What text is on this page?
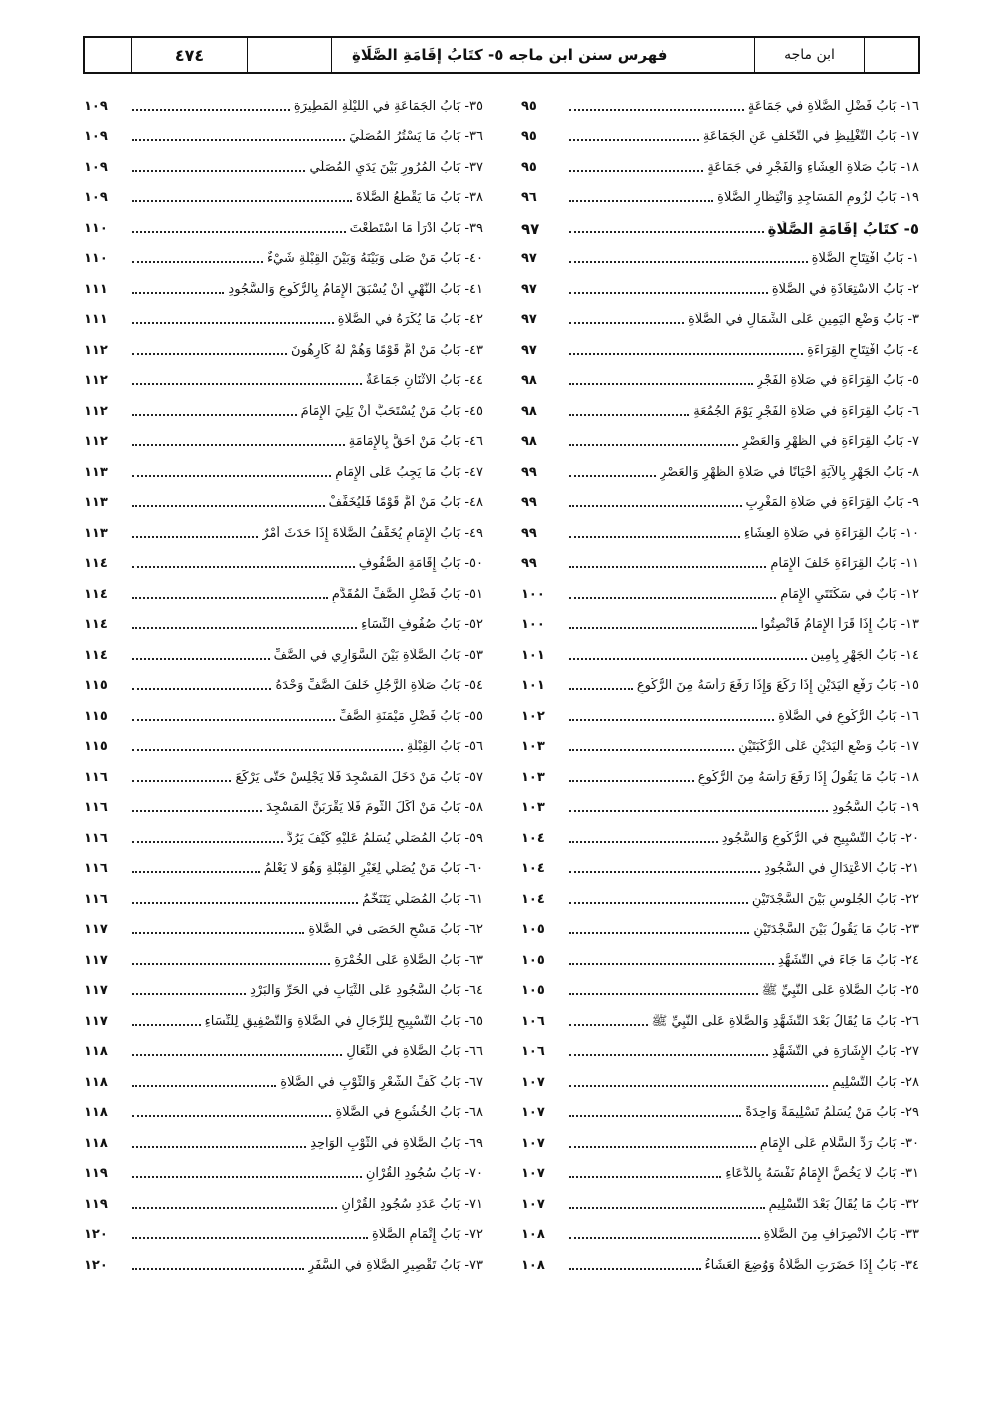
ابن ماجه
فهرس سنن ابن ماجه ٥- كتَابُ إقَامَةِ الصَّلَاةِ
٤٧٤
١٦- بَابُ فَضْلِ الصَّلَاةِ في جَمَاعَةٍ
٩٥
١٧- بَابُ التَّغْلِيظِ في التَّخَلُّفِ عَنِ الجَمَاعَةِ
٩٥
١٨- بَابُ صَلَاةِ العِشَاءِ وَالفَجْرِ في جَمَاعَةٍ
٩٥
١٩- بَابُ لُزُومِ المَسَاجِدِ وَانْتِظَارِ الصَّلَاةِ
٩٦
٥- كتَابُ إقَامَةِ الصَّلَاةِ
٩٧
١- بَابُ افْتِتَاحِ الصَّلَاةِ
٩٧
٢- بَابُ الاسْتِعَاذَةِ في الصَّلَاةِ
٩٧
٣- بَابُ وَضْعِ اليَمِينِ عَلَى الشِّمَالِ في الصَّلَاةِ
٩٧
٤- بَابُ افْتِتَاحِ القِرَاءَةِ
٩٧
٥- بَابُ القِرَاءَةِ في صَلَاةِ الفَجْرِ
٩٨
٦- بَابُ القِرَاءَةِ في صَلَاةِ الفَجْرِ يَوْمَ الجُمُعَةِ
٩٨
٧- بَابُ القِرَاءَةِ في الظُّهْرِ وَالعَصْرِ
٩٨
٨- بَابُ الجَهْرِ بِالآيَةِ أَحْيَانًا في صَلَاةِ الظُّهْرِ وَالعَصْرِ
٩٩
٩- بَابُ القِرَاءَةِ في صَلَاةِ المَغْرِبِ
٩٩
١٠- بَابُ القِرَاءَةِ في صَلَاةِ العِشَاءِ
٩٩
١١- بَابُ القِرَاءَةِ خَلْفَ الإِمَامِ
٩٩
١٢- بَابٌ في سَكْتَتَيِ الإِمَامِ
١٠٠
١٣- بَابُ إِذَا قَرَأَ الإِمَامُ فَأَنْصِتُوا
١٠٠
١٤- بَابُ الجَهْرِ بِآمِين
١٠١
١٥- بَابُ رَفْعِ اليَدَيْنِ إِذَا رَكَعَ وَإِذَا رَفَعَ رَأْسَهُ مِنَ الرُّكُوعِ
١٠١
١٦- بَابُ الرُّكُوعِ في الصَّلَاةِ
١٠٢
١٧- بَابُ وَضْعِ اليَدَيْنِ عَلَى الرُّكْبَتَيْنِ
١٠٣
١٨- بَابُ مَا يَقُولُ إِذَا رَفَعَ رَأْسَهُ مِنَ الرُّكُوعِ
١٠٣
١٩- بَابُ السُّجُودِ
١٠٣
٢٠- بَابُ التَّسْبِيحِ في الرُّكُوعِ وَالسُّجُودِ
١٠٤
٢١- بَابُ الاعْتِدَالِ في السُّجُودِ
١٠٤
٢٢- بَابُ الجُلُوسِ بَيْنَ السَّجْدَتَيْنِ
١٠٤
٢٣- بَابُ مَا يَقُولُ بَيْنَ السَّجْدَتَيْنِ
١٠٥
٢٤- بَابُ مَا جَاءَ في التَّشَهُّدِ
١٠٥
٢٥- بَابُ الصَّلَاةِ عَلَى النَّبِيِّ ﷺ
١٠٥
٢٦- بَابُ مَا يُقَالُ بَعْدَ التَّشَهُّدِ وَالصَّلَاةِ عَلَى النَّبِيِّ ﷺ
١٠٦
٢٧- بَابُ الإِشَارَةِ في التَّشَهُّدِ
١٠٦
٢٨- بَابُ التَّسْلِيمِ
١٠٧
٢٩- بَابُ مَنْ يُسَلِّمُ تَسْلِيمَةً وَاحِدَةً
١٠٧
٣٠- بَابُ رَدِّ السَّلَامِ عَلَى الإِمَامِ
١٠٧
٣١- بَابُ لَا يَخُصُّ الإِمَامُ نَفْسَهُ بِالدُّعَاءِ
١٠٧
٣٢- بَابُ مَا يُقَالُ بَعْدَ التَّسْلِيمِ
١٠٧
٣٣- بَابُ الانْصِرَافِ مِنَ الصَّلَاةِ
١٠٨
٣٤- بَابُ إِذَا حَضَرَتِ الصَّلَاةُ وَوُضِعَ العَشَاءُ
١٠٨
٣٥- بَابُ الجَمَاعَةِ في اللَّيْلَةِ المَطِيرَةِ
١٠٩
٣٦- بَابُ مَا يَسْتُرُ المُصَلِّيَ
١٠٩
٣٧- بَابُ المُرُورِ بَيْنَ يَدَيِ المُصَلِّي
١٠٩
٣٨- بَابُ مَا يَقْطَعُ الصَّلَاةَ
١٠٩
٣٩- بَابُ ادْرَأْ مَا اسْتَطَعْتَ
١١٠
٤٠- بَابُ مَنْ صَلَّى وَبَيْنَهُ وَبَيْنَ القِبْلَةِ شَيْءٌ
١١٠
٤١- بَابُ النَّهْيِ أَنْ يُسْبَقَ الإِمَامُ بِالرُّكُوعِ وَالسُّجُودِ
١١١
٤٢- بَابُ مَا يُكْرَهُ في الصَّلَاةِ
١١١
٤٣- بَابُ مَنْ أَمَّ قَوْمًا وَهُمْ لَهُ كَارِهُونَ
١١٢
٤٤- بَابُ الاثْنَانِ جَمَاعَةٌ
١١٢
٤٥- بَابُ مَنْ يُسْتَحَبُّ أَنْ يَلِيَ الإِمَامَ
١١٢
٤٦- بَابُ مَنْ أَحَقُّ بِالإِمَامَةِ
١١٢
٤٧- بَابُ مَا يَجِبُ عَلَى الإِمَامِ
١١٣
٤٨- بَابُ مَنْ أَمَّ قَوْمًا فَلْيُخَفِّفْ
١١٣
٤٩- بَابُ الإِمَامِ يُخَفِّفُ الصَّلَاةَ إِذَا حَدَثَ أَمْرٌ
١١٣
٥٠- بَابُ إِقَامَةِ الصُّفُوفِ
١١٤
٥١- بَابُ فَضْلِ الصَّفِّ المُقَدَّمِ
١١٤
٥٢- بَابُ صُفُوفِ النِّسَاءِ
١١٤
٥٣- بَابُ الصَّلَاةِ بَيْنَ السَّوَارِي في الصَّفِّ
١١٤
٥٤- بَابُ صَلَاةِ الرَّجُلِ خَلْفَ الصَّفِّ وَحْدَهُ
١١٥
٥٥- بَابُ فَضْلِ مَيْمَنَةِ الصَّفِّ
١١٥
٥٦- بَابُ القِبْلَةِ
١١٥
٥٧- بَابُ مَنْ دَخَلَ المَسْجِدَ فَلَا يَجْلِسْ حَتَّى يَرْكَعَ
١١٦
٥٨- بَابُ مَنْ أَكَلَ الثُّومَ فَلَا يَقْرَبَنَّ المَسْجِدَ
١١٦
٥٩- بَابُ المُصَلِّي يُسَلَّمُ عَلَيْهِ كَيْفَ يَرُدُّ
١١٦
٦٠- بَابُ مَنْ يُصَلِّي لِغَيْرِ القِبْلَةِ وَهُوَ لَا يَعْلَمُ
١١٦
٦١- بَابُ المُصَلِّي يَتَنَخَّمُ
١١٦
٦٢- بَابُ مَسْحِ الحَصَى في الصَّلَاةِ
١١٧
٦٣- بَابُ الصَّلَاةِ عَلَى الخُمْرَةِ
١١٧
٦٤- بَابُ السُّجُودِ عَلَى الثِّيَابِ في الحَرِّ وَالبَرْدِ
١١٧
٦٥- بَابُ التَّسْبِيحِ لِلرِّجَالِ في الصَّلَاةِ وَالتَّصْفِيقِ لِلنِّسَاءِ
١١٧
٦٦- بَابُ الصَّلَاةِ في النِّعَالِ
١١٨
٦٧- بَابُ كَفِّ الشَّعْرِ وَالثَّوْبِ في الصَّلَاةِ
١١٨
٦٨- بَابُ الخُشُوعِ في الصَّلَاةِ
١١٨
٦٩- بَابُ الصَّلَاةِ في الثَّوْبِ الوَاحِدِ
١١٨
٧٠- بَابُ سُجُودِ القُرْآنِ
١١٩
٧١- بَابُ عَدَدِ سُجُودِ القُرْآنِ
١١٩
٧٢- بَابُ إِتْمَامِ الصَّلَاةِ
١٢٠
٧٣- بَابُ تَقْصِيرِ الصَّلَاةِ في السَّفَرِ
١٢٠
